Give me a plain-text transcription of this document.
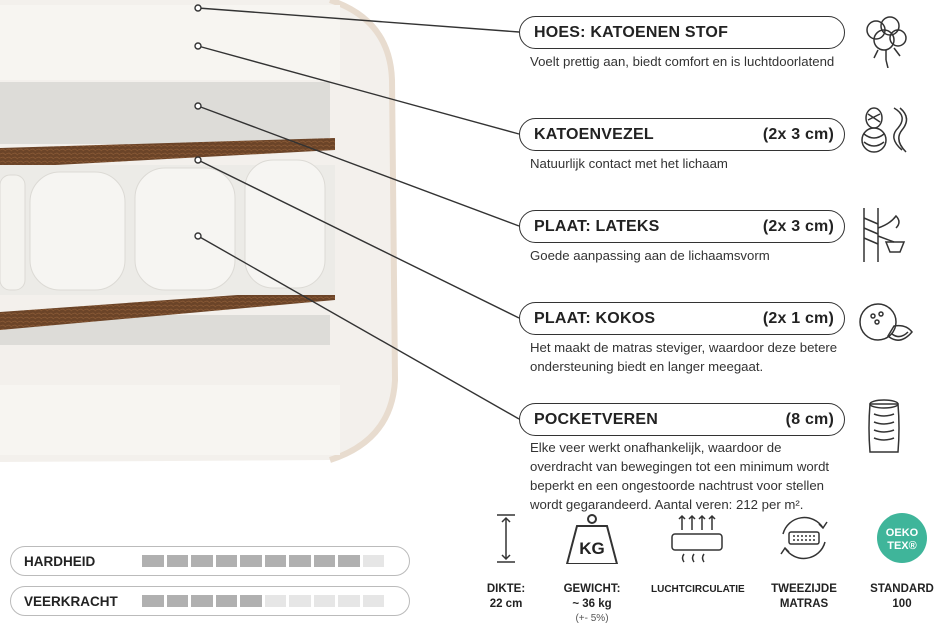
HOES: KATOENEN STOF
Voelt prettig aan, biedt comfort en is luchtdoorlatend
KATOENVEZEL	(2x 3 cm)
Natuurlijk contact met het lichaam
PLAAT: LATEKS	(2x 3 cm)
Goede aanpassing aan de lichaamsvorm
PLAAT: KOKOS	(2x 1 cm)
Het maakt de matras steviger, waardoor deze betere ondersteuning biedt en langer meegaat.
POCKETVEREN	(8 cm)
Elke veer werkt onafhankelijk, waardoor de overdracht van bewegingen tot een minimum wordt beperkt en een ongestoorde nachtrust voor stellen wordt gegarandeerd. Aantal veren: 212 per m².
HARDHEID
VEERKRACHT
DIKTE:
22 cm
KG
GEWICHT:
~ 36 kg
(+- 5%)
LUCHTCIRCULATIE	TWEEZIJDE
MATRAS
OEKO
TEX®
STANDARD
100
